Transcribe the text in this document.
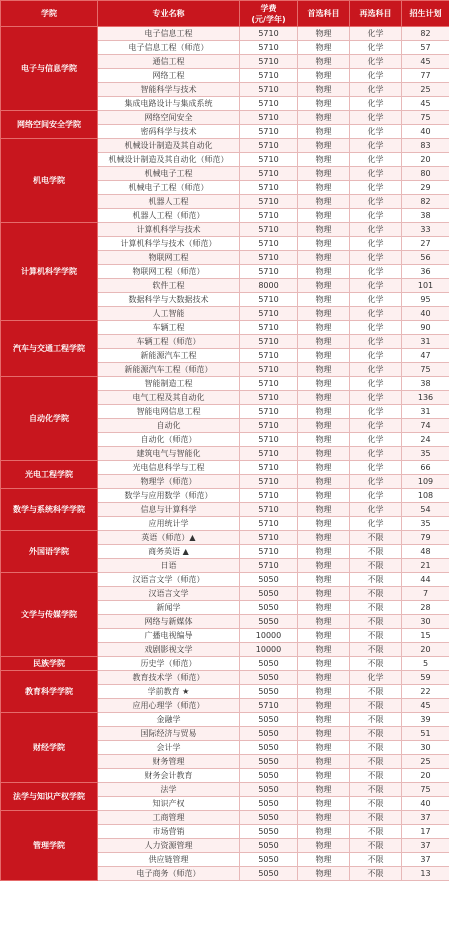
学院	专业名称	学费
(元/学年)	首选科目	再选科目	招生计划
电子与信息学院	电子信息工程	5710	物理	化学	82
	电子信息工程（师范）	5710	物理	化学	57
	通信工程	5710	物理	化学	45
	网络工程	5710	物理	化学	77
	智能科学与技术	5710	物理	化学	25
	集成电路设计与集成系统	5710	物理	化学	45
网络空间安全学院	网络空间安全	5710	物理	化学	75
	密码科学与技术	5710	物理	化学	40
机电学院	机械设计制造及其自动化	5710	物理	化学	83
	机械设计制造及其自动化（师范）	5710	物理	化学	20
	机械电子工程	5710	物理	化学	80
	机械电子工程（师范）	5710	物理	化学	29
	机器人工程	5710	物理	化学	82
	机器人工程（师范）	5710	物理	化学	38
计算机科学学院	计算机科学与技术	5710	物理	化学	33
	计算机科学与技术（师范）	5710	物理	化学	27
	物联网工程	5710	物理	化学	56
	物联网工程（师范）	5710	物理	化学	36
	软件工程	8000	物理	化学	101
	数据科学与大数据技术	5710	物理	化学	95
	人工智能	5710	物理	化学	40
汽车与交通工程学院	车辆工程	5710	物理	化学	90
	车辆工程（师范）	5710	物理	化学	31
	新能源汽车工程	5710	物理	化学	47
	新能源汽车工程（师范）	5710	物理	化学	75
自动化学院	智能制造工程	5710	物理	化学	38
	电气工程及其自动化	5710	物理	化学	136
	智能电网信息工程	5710	物理	化学	31
	自动化	5710	物理	化学	74
	自动化（师范）	5710	物理	化学	24
	建筑电气与智能化	5710	物理	化学	35
光电工程学院	光电信息科学与工程	5710	物理	化学	66
	物理学（师范）	5710	物理	化学	109
数学与系统科学学院	数学与应用数学（师范）	5710	物理	化学	108
	信息与计算科学	5710	物理	化学	54
	应用统计学	5710	物理	化学	35
外国语学院	英语（师范）▲	5710	物理	不限	79
	商务英语 ▲	5710	物理	不限	48
	日语	5710	物理	不限	21
文学与传媒学院	汉语言文学（师范）	5050	物理	不限	44
	汉语言文学	5050	物理	不限	7
	新闻学	5050	物理	不限	28
	网络与新媒体	5050	物理	不限	30
	广播电视编导	10000	物理	不限	15
	戏剧影视文学	10000	物理	不限	20
民族学院	历史学（师范）	5050	物理	不限	5
教育科学学院	教育技术学（师范）	5050	物理	化学	59
	学前教育 ★	5050	物理	不限	22
	应用心理学（师范）	5710	物理	不限	45
财经学院	金融学	5050	物理	不限	39
	国际经济与贸易	5050	物理	不限	51
	会计学	5050	物理	不限	30
	财务管理	5050	物理	不限	25
	财务会计教育	5050	物理	不限	20
法学与知识产权学院	法学	5050	物理	不限	75
	知识产权	5050	物理	不限	40
管理学院	工商管理	5050	物理	不限	37
	市场营销	5050	物理	不限	17
	人力资源管理	5050	物理	不限	37
	供应链管理	5050	物理	不限	37
	电子商务（师范）	5050	物理	不限	13
